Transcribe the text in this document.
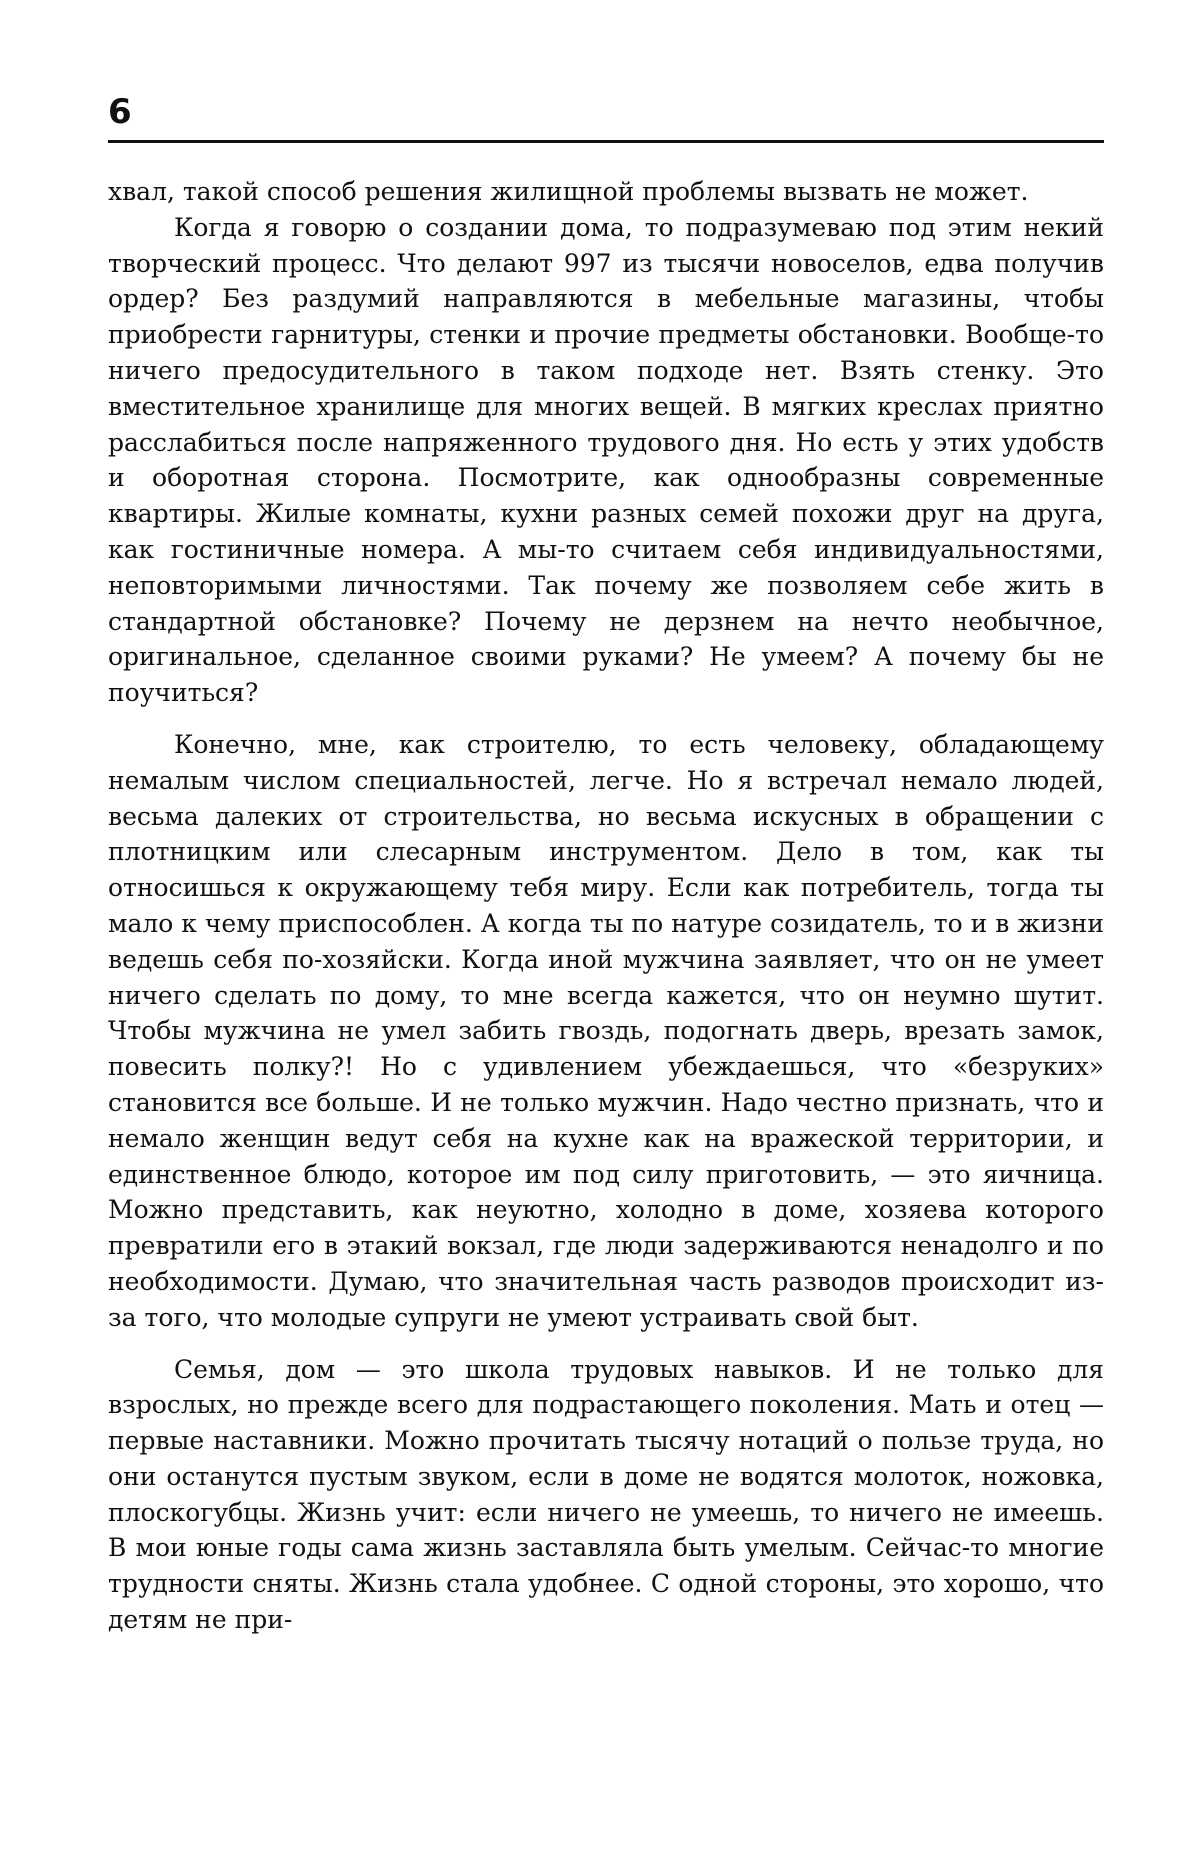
6

хвал, такой способ решения жилищной проблемы вызвать не может.

Когда я говорю о создании дома, то подразумеваю под этим некий творческий процесс. Что делают 997 из тысячи новоселов, едва получив ордер? Без раздумий направляются в мебельные магазины, чтобы приобрести гарнитуры, стенки и прочие предметы обстановки. Вообще-то ничего предосудительного в таком подходе нет. Взять стенку. Это вместительное хранилище для многих вещей. В мягких креслах приятно расслабиться после напряженного трудового дня. Но есть у этих удобств и оборотная сторона. Посмотрите, как однообразны современные квартиры. Жилые комнаты, кухни разных семей похожи друг на друга, как гостиничные номера. А мы-то считаем себя индивидуальностями, неповторимыми личностями. Так почему же позволяем себе жить в стандартной обстановке? Почему не дерзнем на нечто необычное, оригинальное, сделанное своими руками? Не умеем? А почему бы не поучиться?

Конечно, мне, как строителю, то есть человеку, обладающему немалым числом специальностей, легче. Но я встречал немало людей, весьма далеких от строительства, но весьма искусных в обращении с плотницким или слесарным инструментом. Дело в том, как ты относишься к окружающему тебя миру. Если как потребитель, тогда ты мало к чему приспособлен. А когда ты по натуре созидатель, то и в жизни ведешь себя по-хозяйски. Когда иной мужчина заявляет, что он не умеет ничего сделать по дому, то мне всегда кажется, что он неумно шутит. Чтобы мужчина не умел забить гвоздь, подогнать дверь, врезать замок, повесить полку?! Но с удивлением убеждаешься, что «безруких» становится все больше. И не только мужчин. Надо честно признать, что и немало женщин ведут себя на кухне как на вражеской территории, и единственное блюдо, которое им под силу приготовить, — это яичница. Можно представить, как неуютно, холодно в доме, хозяева которого превратили его в этакий вокзал, где люди задерживаются ненадолго и по необходимости. Думаю, что значительная часть разводов происходит из-за того, что молодые супруги не умеют устраивать свой быт.

Семья, дом — это школа трудовых навыков. И не только для взрослых, но прежде всего для подрастающего поколения. Мать и отец — первые наставники. Можно прочитать тысячу нотаций о пользе труда, но они останутся пустым звуком, если в доме не водятся молоток, ножовка, плоскогубцы. Жизнь учит: если ничего не умеешь, то ничего не имеешь. В мои юные годы сама жизнь заставляла быть умелым. Сейчас-то многие трудности сняты. Жизнь стала удобнее. С одной стороны, это хорошо, что детям не при-
